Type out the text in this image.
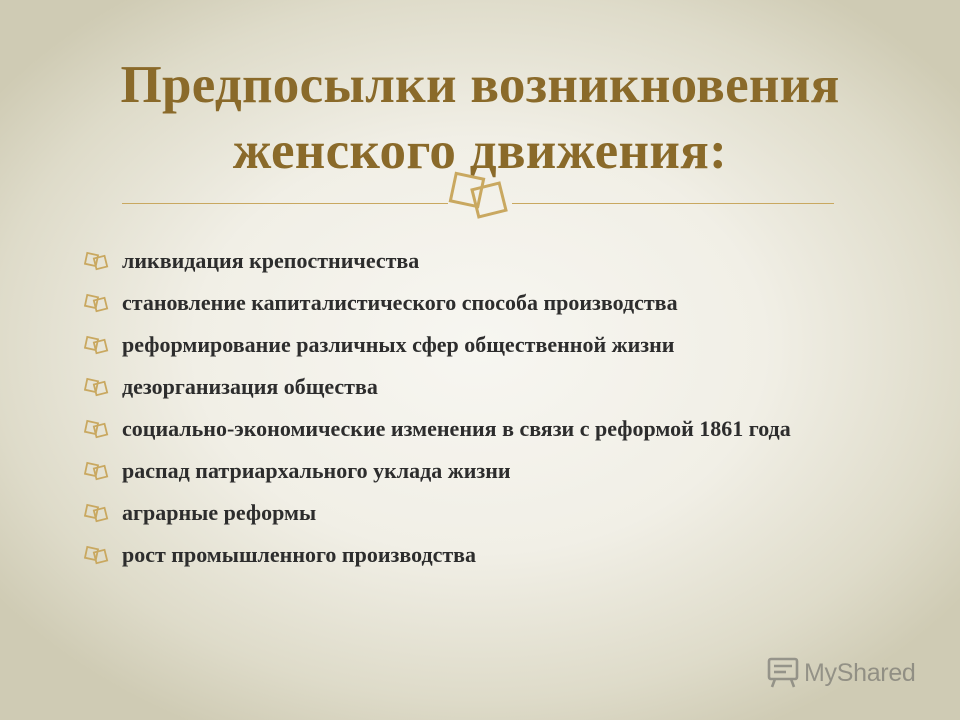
Предпосылки возникновения
женского движения:
ликвидация крепостничества
становление капиталистического способа производства
реформирование различных сфер общественной жизни
дезорганизация общества
социально-экономические изменения в связи с реформой 1861 года
распад патриархального уклада жизни
аграрные реформы
рост промышленного производства
MyShared
